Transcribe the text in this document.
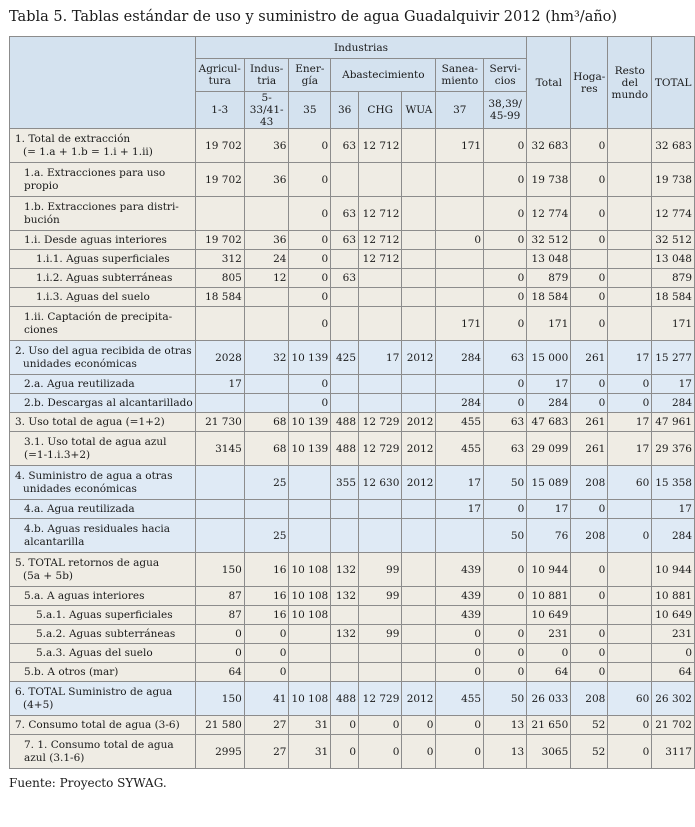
Tabla 5. Tablas estándar de uso y suministro de agua Guadalquivir 2012 (hm³/año)
	Industrias								Total	Hoga- res	Resto del mundo	TOTAL
	Agricul- tura	Indus- tria	Ener- gía	Abastecimiento			Sanea- miento	Servi- cios				
	1-3	5-33/41- 43	35	36	CHG	WUA	37	38,39/ 45-99				

1. Total de extracción
(= 1.a + 1.b = 1.i + 1.ii)	19 702	36	0	63	12 712		171	0	32 683	0		32 683

1.a. Extracciones para uso
propio	19 702	36	0					0	19 738	0		19 738

1.b. Extracciones para distri-
bución			0	63	12 712			0	12 774	0		12 774

1.i. Desde aguas interiores	19 702	36	0	63	12 712		0	0	32 512	0		32 512

1.i.1. Aguas superficiales	312	24	0		12 712				13 048			13 048

1.i.2. Aguas subterráneas	805	12	0	63				0	879	0		879

1.i.3. Aguas del suelo	18 584		0					0	18 584	0		18 584

1.ii. Captación de precipita-
ciones			0				171	0	171	0		171

2. Uso del agua recibida de otras
unidades económicas	2028	32	10 139	425	17	2012	284	63	15 000	261	17	15 277

2.a. Agua reutilizada	17		0					0	17	0	0	17

2.b. Descargas al alcantarillado			0				284	0	284	0	0	284

3. Uso total de agua (=1+2)	21 730	68	10 139	488	12 729	2012	455	63	47 683	261	17	47 961

3.1. Uso total de agua azul
(=1-1.i.3+2)	3145	68	10 139	488	12 729	2012	455	63	29 099	261	17	29 376

4. Suministro de agua a otras
unidades económicas		25		355	12 630	2012	17	50	15 089	208	60	15 358

4.a. Agua reutilizada							17	0	17	0		17

4.b. Aguas residuales hacia
alcantarilla		25						50	76	208	0	284

5. TOTAL retornos de agua
(5a + 5b)	150	16	10 108	132	99		439	0	10 944	0		10 944

5.a. A aguas interiores	87	16	10 108	132	99		439	0	10 881	0		10 881

5.a.1. Aguas superficiales	87	16	10 108				439		10 649			10 649

5.a.2. Aguas subterráneas	0	0		132	99		0	0	231	0		231

5.a.3. Aguas del suelo	0	0					0	0	0	0		0

5.b. A otros (mar)	64	0					0	0	64	0		64

6. TOTAL Suministro de agua
(4+5)	150	41	10 108	488	12 729	2012	455	50	26 033	208	60	26 302

7. Consumo total de agua (3-6)	21 580	27	31	0	0	0	0	13	21 650	52	0	21 702

7. 1. Consumo total de agua
azul (3.1-6)	2995	27	31	0	0	0	0	13	3065	52	0	3117
Fuente: Proyecto SYWAG.
